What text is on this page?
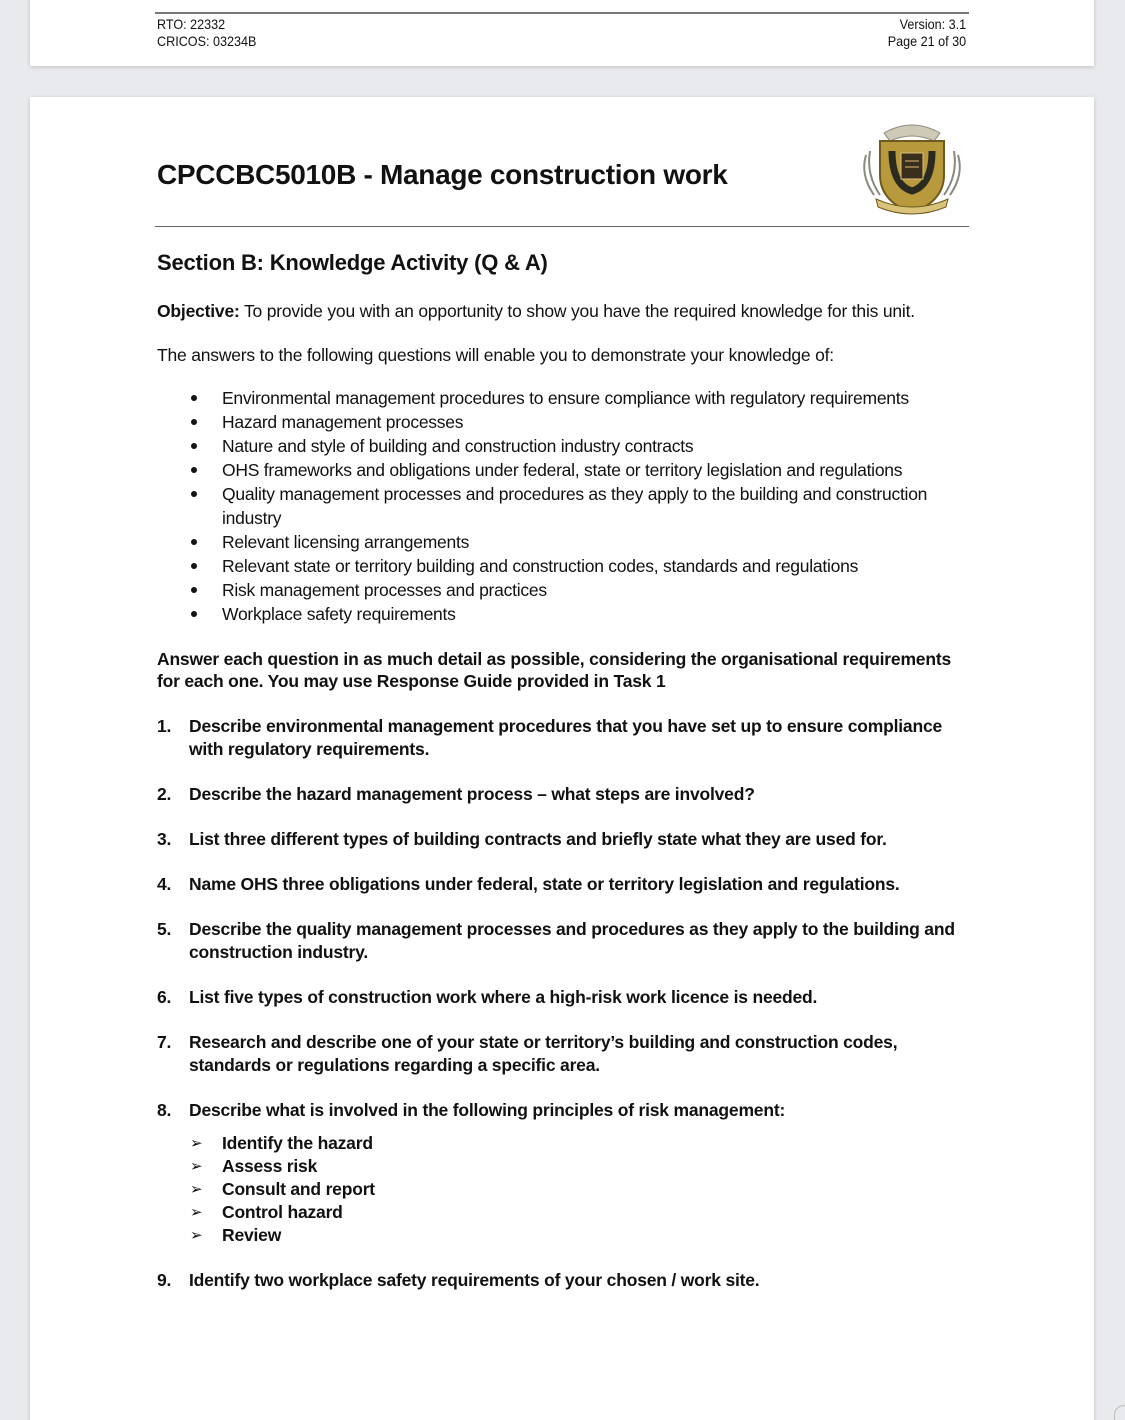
RTO: 22332
CRICOS: 03234B
Version: 3.1
Page 21 of 30
CPCCBC5010B - Manage construction work
Section B: Knowledge Activity (Q & A)

Objective: To provide you with an opportunity to show you have the required knowledge for this unit.

The answers to the following questions will enable you to demonstrate your knowledge of:

Environmental management procedures to ensure compliance with regulatory requirements
Hazard management processes
Nature and style of building and construction industry contracts
OHS frameworks and obligations under federal, state or territory legislation and regulations
Quality management processes and procedures as they apply to the building and construction industry
Relevant licensing arrangements
Relevant state or territory building and construction codes, standards and regulations
Risk management processes and practices
Workplace safety requirements

Answer each question in as much detail as possible, considering the organisational requirements for each one. You may use Response Guide provided in Task 1

1. Describe environmental management procedures that you have set up to ensure compliance with regulatory requirements.
2. Describe the hazard management process – what steps are involved?
3. List three different types of building contracts and briefly state what they are used for.
4. Name OHS three obligations under federal, state or territory legislation and regulations.
5. Describe the quality management processes and procedures as they apply to the building and construction industry.
6. List five types of construction work where a high-risk work licence is needed.
7. Research and describe one of your state or territory’s building and construction codes, standards or regulations regarding a specific area.
8. Describe what is involved in the following principles of risk management:
➢ Identify the hazard
➢ Assess risk
➢ Consult and report
➢ Control hazard
➢ Review
9. Identify two workplace safety requirements of your chosen / work site.
